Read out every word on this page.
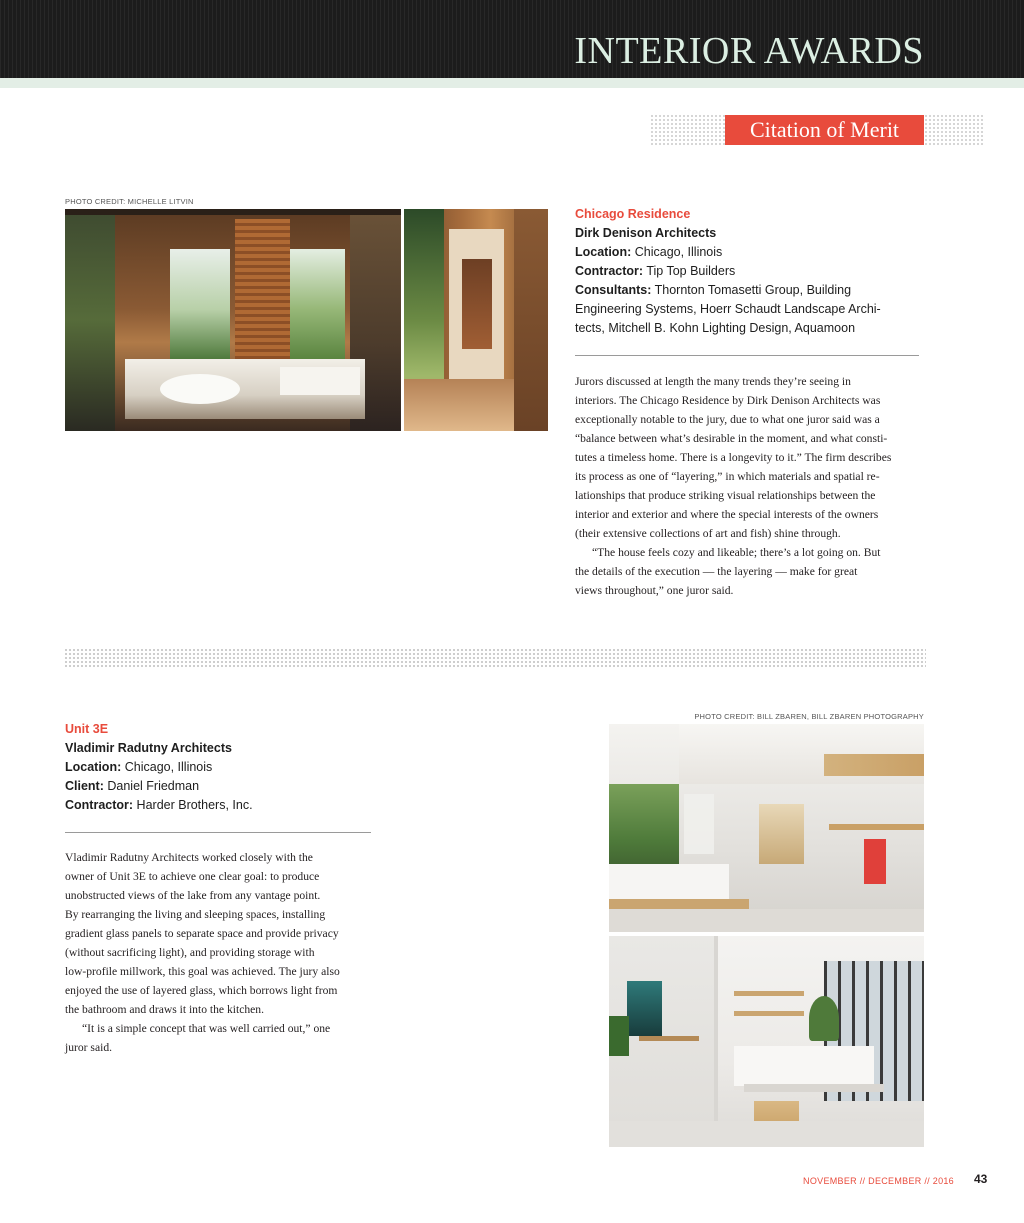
INTERIOR AWARDS
Citation of Merit
PHOTO CREDIT: MICHELLE LITVIN
Chicago Residence
Dirk Denison Architects
Location: Chicago, Illinois
Contractor: Tip Top Builders
Consultants: Thornton Tomasetti Group, Building
Engineering Systems, Hoerr Schaudt Landscape Archi-
tects, Mitchell B. Kohn Lighting Design, Aquamoon

Jurors discussed at length the many trends they’re seeing in

interiors. The Chicago Residence by Dirk Denison Architects was

exceptionally notable to the jury, due to what one juror said was a

“balance between what’s desirable in the moment, and what consti-

tutes a timeless home. There is a longevity to it.” The firm describes

its process as one of “layering,” in which materials and spatial re-

lationships that produce striking visual relationships between the

interior and exterior and where the special interests of the owners

(their extensive collections of art and fish) shine through.

“The house feels cozy and likeable; there’s a lot going on. But

the details of the execution — the layering — make for great

views throughout,” one juror said.

Unit 3E
Vladimir Radutny Architects
Location: Chicago, Illinois
Client: Daniel Friedman
Contractor: Harder Brothers, Inc.

Vladimir Radutny Architects worked closely with the

owner of Unit 3E to achieve one clear goal: to produce

unobstructed views of the lake from any vantage point.

By rearranging the living and sleeping spaces, installing

gradient glass panels to separate space and provide privacy

(without sacrificing light), and providing storage with

low-profile millwork, this goal was achieved. The jury also

enjoyed the use of layered glass, which borrows light from

the bathroom and draws it into the kitchen.

“It is a simple concept that was well carried out,” one

juror said.

PHOTO CREDIT: BILL ZBAREN, BILL ZBAREN PHOTOGRAPHY
NOVEMBER // DECEMBER // 2016 43
